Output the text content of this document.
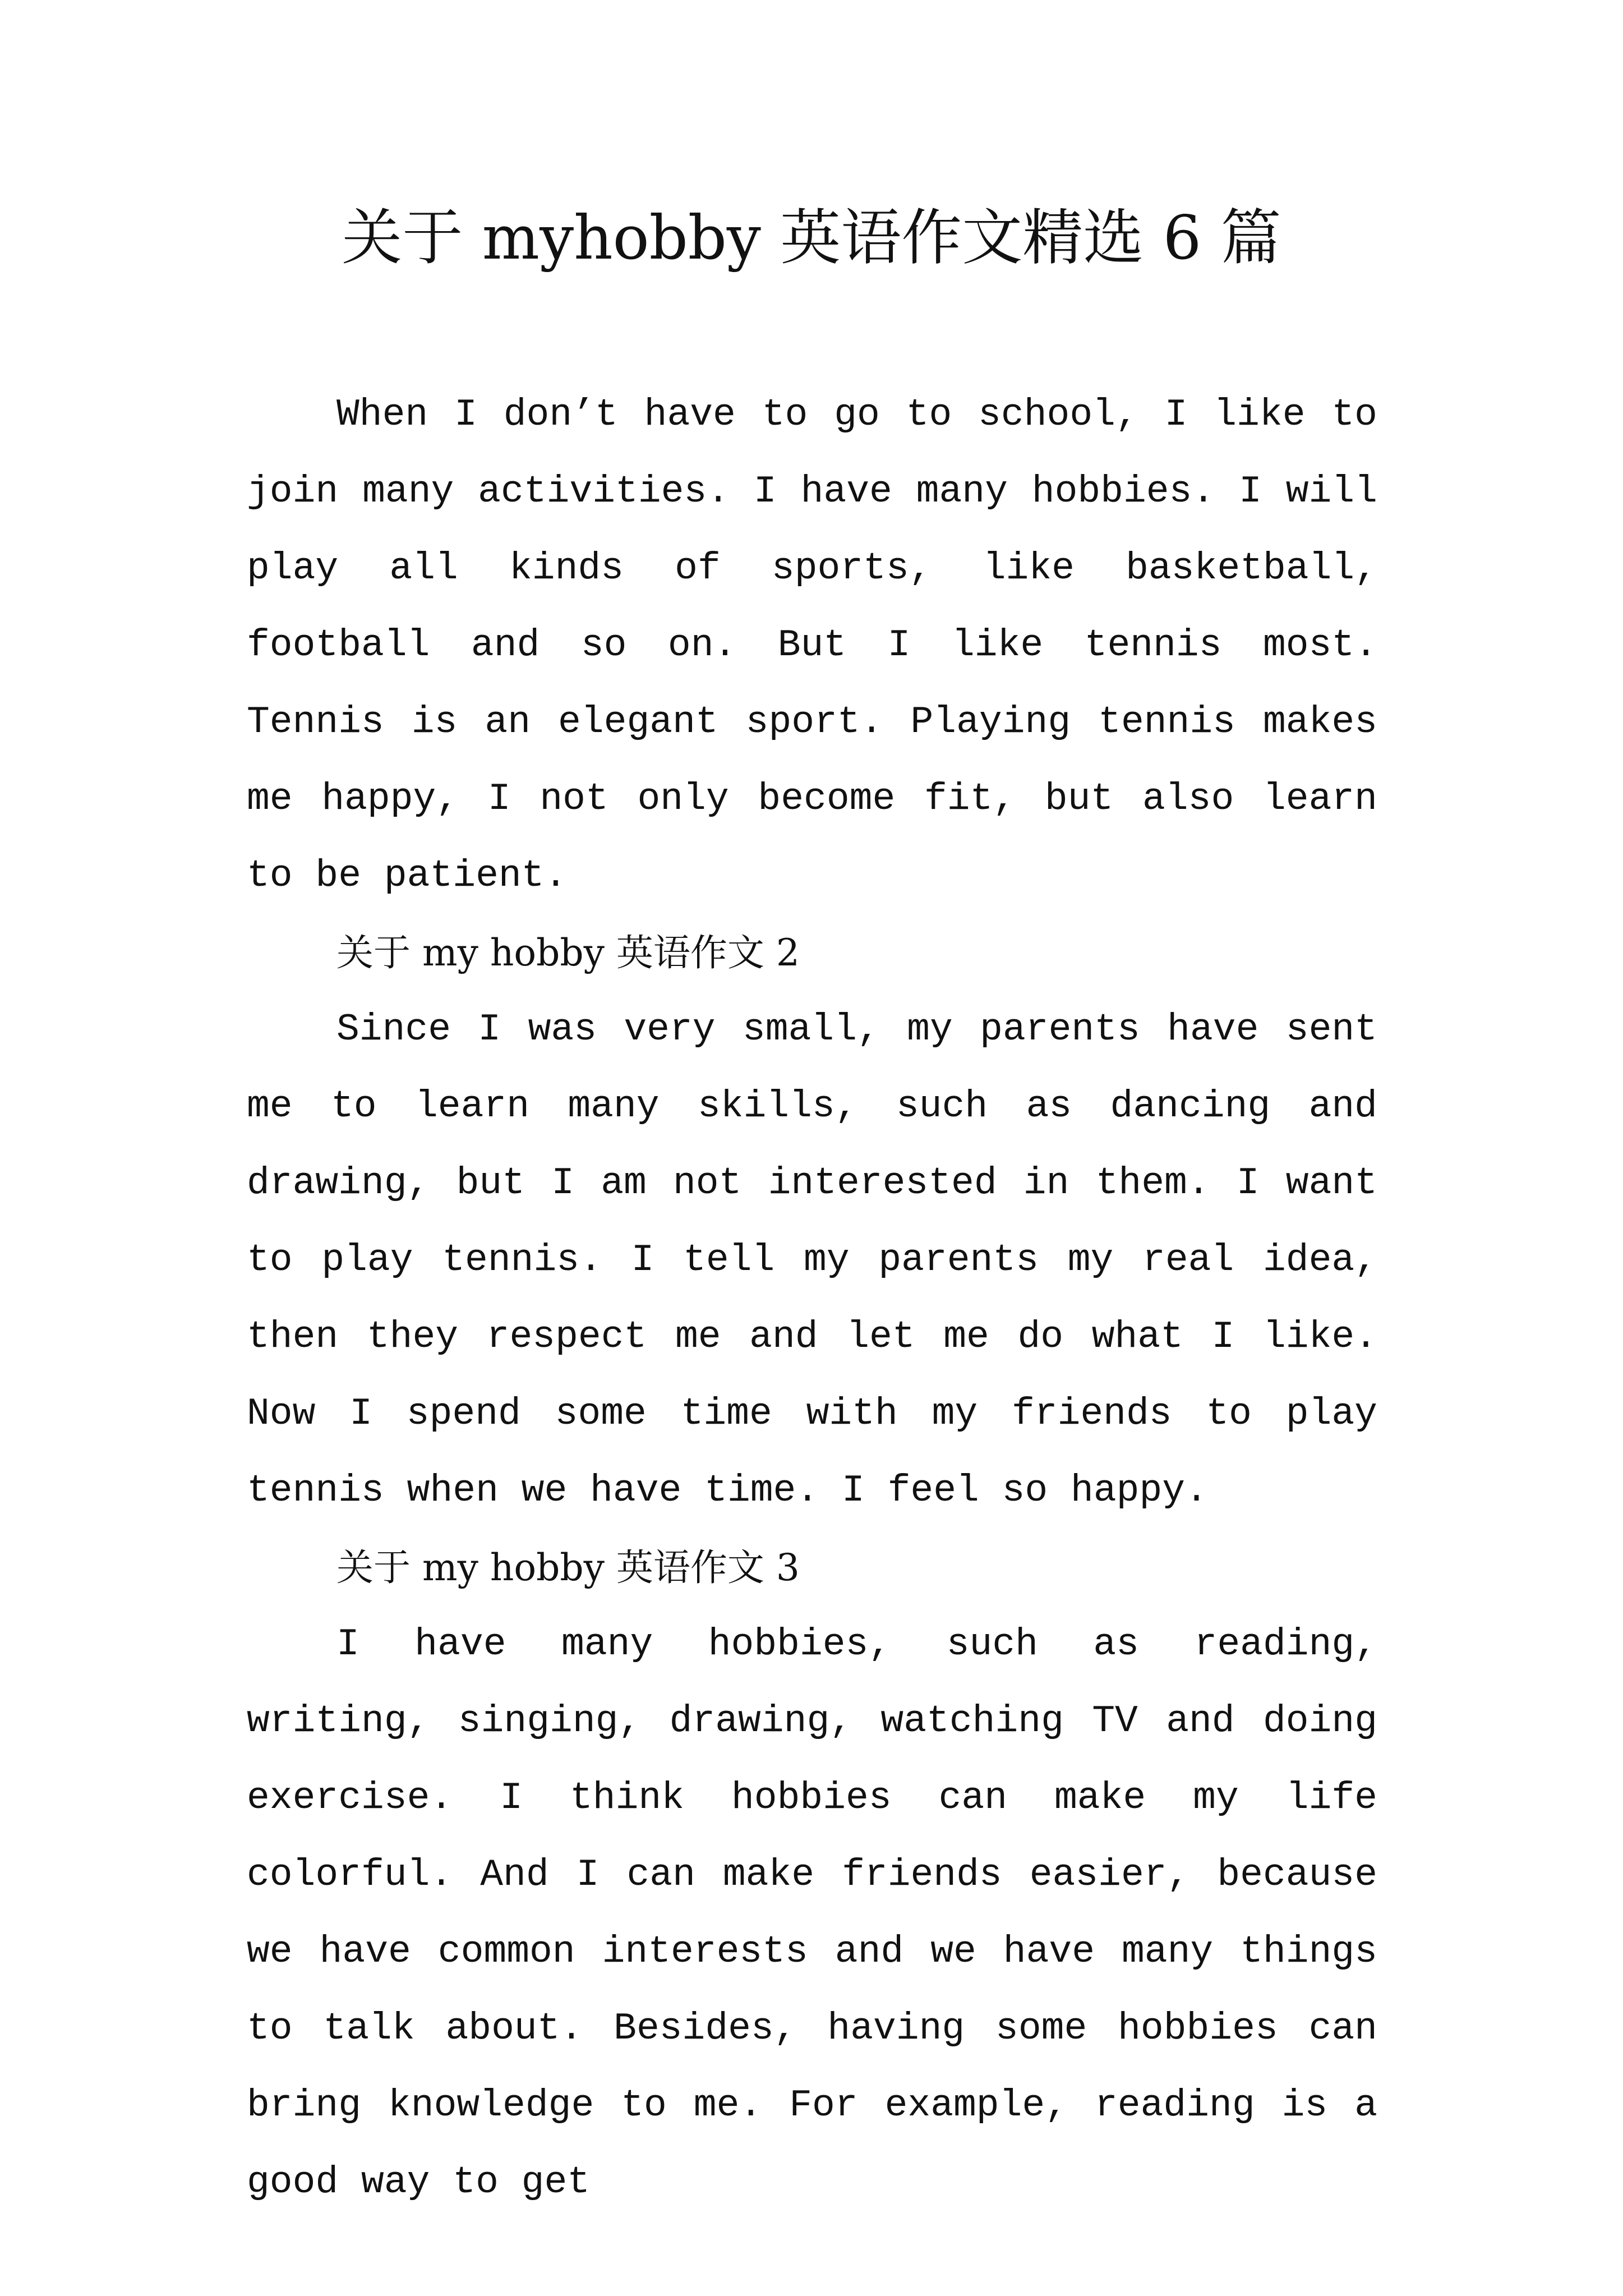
关于 myhobby 英语作文精选 6 篇

When I don’t have to go to school, I like to join many activities. I have many hobbies. I will play all kinds of sports, like basketball, football and so on. But I like tennis most. Tennis is an elegant sport. Playing tennis makes me happy, I not only become fit, but also learn to be patient.

关于 my hobby 英语作文 2

Since I was very small, my parents have sent me to learn many skills, such as dancing and drawing, but I am not interested in them. I want to play tennis. I tell my parents my real idea, then they respect me and let me do what I like. Now I spend some time with my friends to play tennis when we have time. I feel so happy.

关于 my hobby 英语作文 3

I have many hobbies, such as reading, writing, singing, drawing, watching TV and doing exercise. I think hobbies can make my life colorful. And I can make friends easier, because we have common interests and we have many things to talk about. Besides, having some hobbies can bring knowledge to me. For example, reading is a good way to get
